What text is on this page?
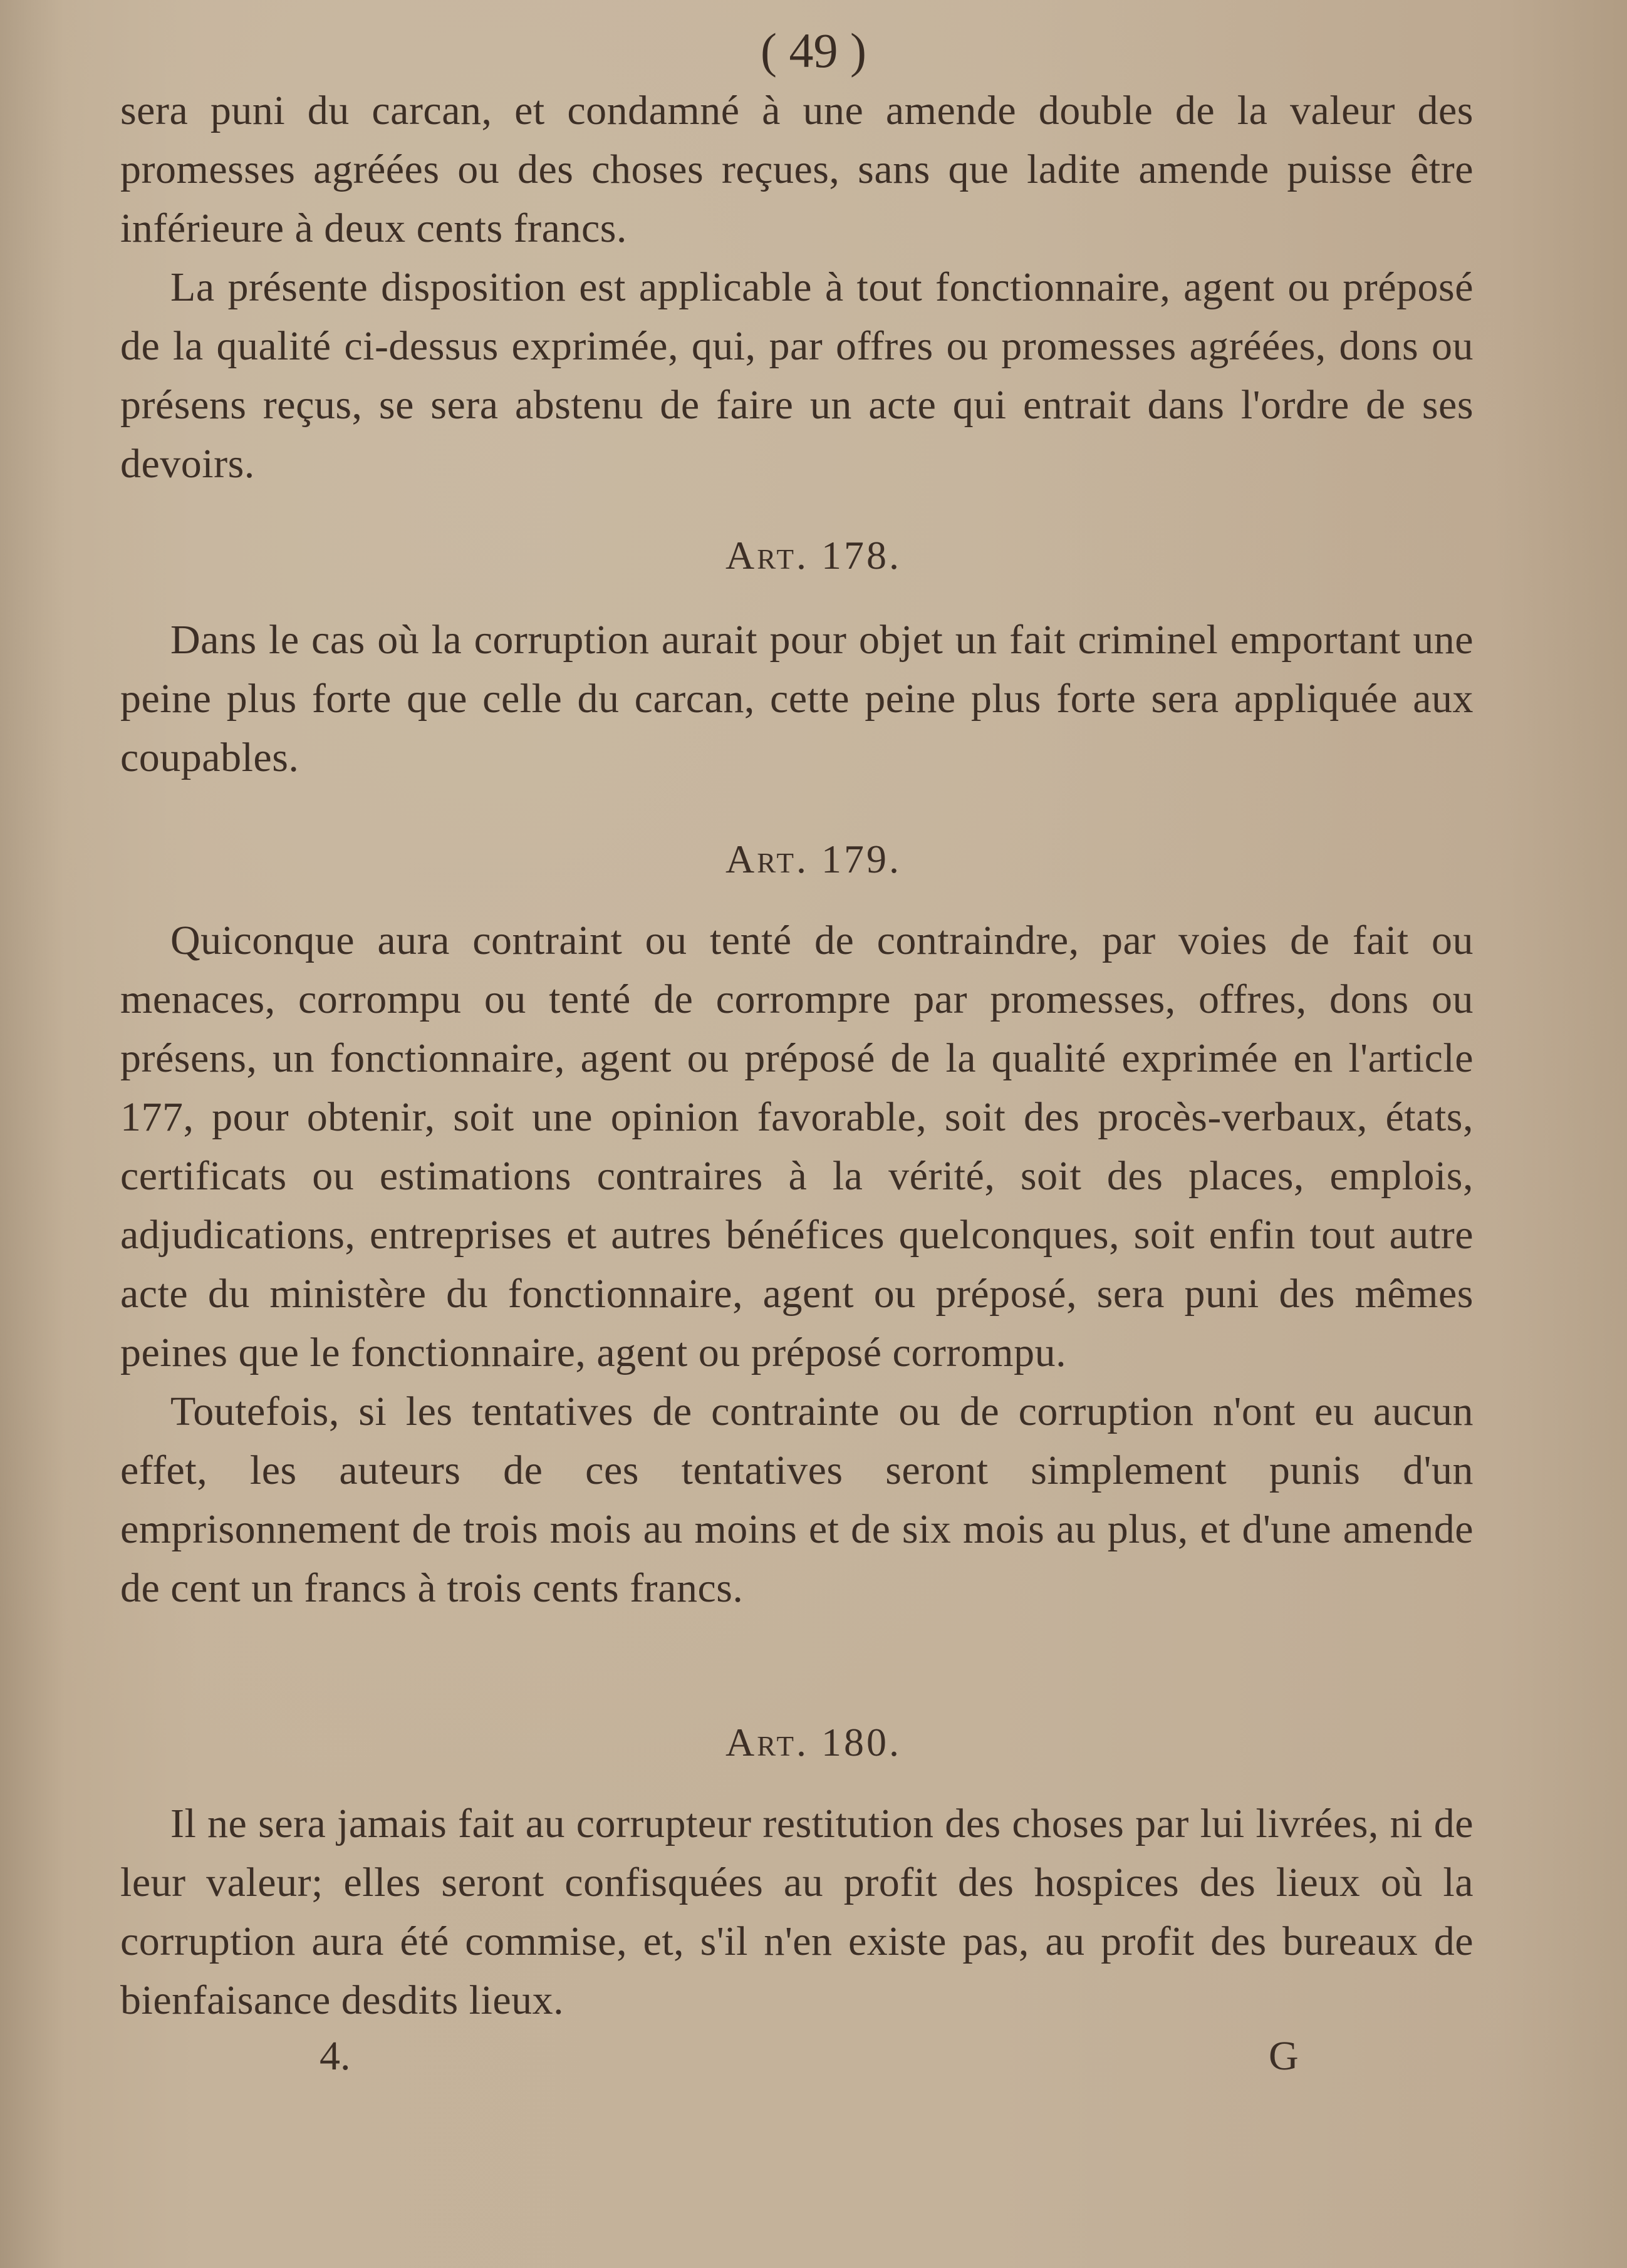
( 49 )

sera puni du carcan, et condamné à une amende double de la valeur des promesses agréées ou des choses reçues, sans que ladite amende puisse être inférieure à deux cents francs.

La présente disposition est applicable à tout fonctionnaire, agent ou préposé de la qualité ci-dessus exprimée, qui, par offres ou promesses agréées, dons ou présens reçus, se sera abstenu de faire un acte qui entrait dans l'ordre de ses devoirs.

Art. 178.

Dans le cas où la corruption aurait pour objet un fait criminel emportant une peine plus forte que celle du carcan, cette peine plus forte sera appliquée aux coupables.

Art. 179.

Quiconque aura contraint ou tenté de contraindre, par voies de fait ou menaces, corrompu ou tenté de corrompre par promesses, offres, dons ou présens, un fonctionnaire, agent ou préposé de la qualité exprimée en l'article 177, pour obtenir, soit une opinion favorable, soit des procès-verbaux, états, certificats ou estimations contraires à la vérité, soit des places, emplois, adjudications, entreprises et autres bénéfices quelconques, soit enfin tout autre acte du ministère du fonctionnaire, agent ou préposé, sera puni des mêmes peines que le fonctionnaire, agent ou préposé corrompu.

Toutefois, si les tentatives de contrainte ou de corruption n'ont eu aucun effet, les auteurs de ces tentatives seront simplement punis d'un emprisonnement de trois mois au moins et de six mois au plus, et d'une amende de cent un francs à trois cents francs.

Art. 180.

Il ne sera jamais fait au corrupteur restitution des choses par lui livrées, ni de leur valeur; elles seront confisquées au profit des hospices des lieux où la corruption aura été commise, et, s'il n'en existe pas, au profit des bureaux de bienfaisance desdits lieux.

4.	G
